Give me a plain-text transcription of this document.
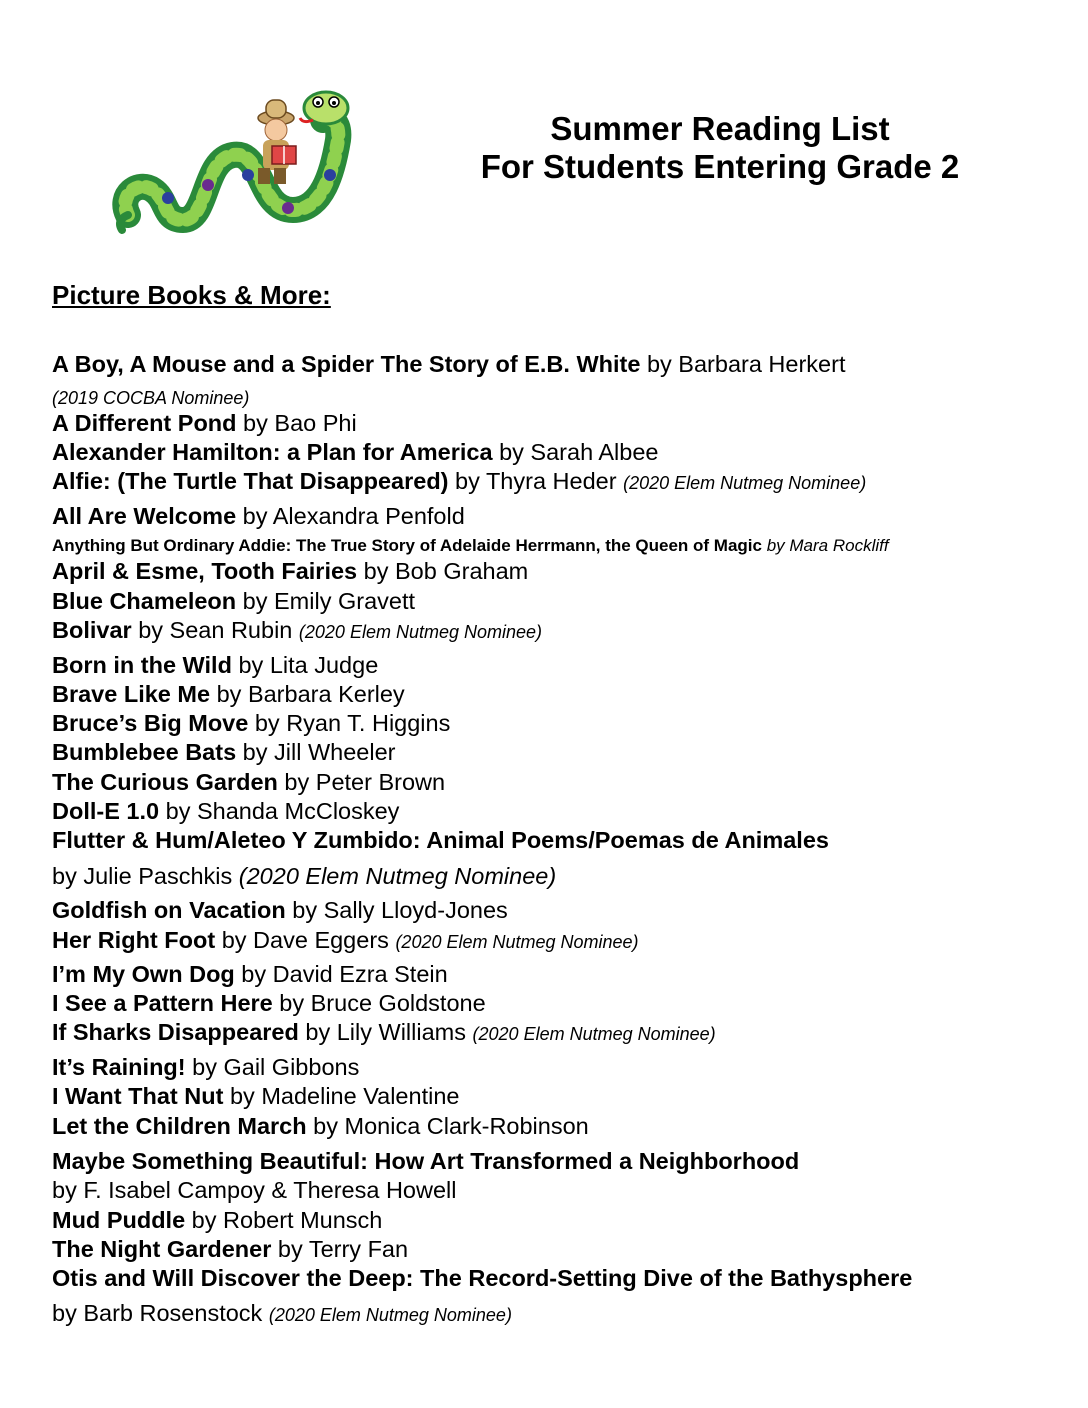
Summer Reading List
For Students Entering Grade 2
Picture Books & More:
A Boy, A Mouse and a Spider The Story of E.B. White by Barbara Herkert
(2019 COCBA Nominee)
A Different Pond by Bao Phi
Alexander Hamilton: a Plan for America by Sarah Albee
Alfie: (The Turtle That Disappeared) by Thyra Heder (2020 Elem Nutmeg Nominee)
All Are Welcome by Alexandra Penfold
Anything But Ordinary Addie: The True Story of Adelaide Herrmann, the Queen of Magic by Mara Rockliff
April & Esme, Tooth Fairies by Bob Graham
Blue Chameleon by Emily Gravett
Bolivar by Sean Rubin (2020 Elem Nutmeg Nominee)
Born in the Wild by Lita Judge
Brave Like Me by Barbara Kerley
Bruce’s Big Move by Ryan T. Higgins
Bumblebee Bats by Jill Wheeler
The Curious Garden by Peter Brown
Doll-E 1.0 by Shanda McCloskey
Flutter & Hum/Aleteo Y Zumbido: Animal Poems/Poemas de Animales
by Julie Paschkis (2020 Elem Nutmeg Nominee)
Goldfish on Vacation by Sally Lloyd-Jones
Her Right Foot by Dave Eggers (2020 Elem Nutmeg Nominee)
I’m My Own Dog by David Ezra Stein
I See a Pattern Here by Bruce Goldstone
If Sharks Disappeared by Lily Williams (2020 Elem Nutmeg Nominee)
It’s Raining! by Gail Gibbons
I Want That Nut by Madeline Valentine
Let the Children March by Monica Clark-Robinson
Maybe Something Beautiful: How Art Transformed a Neighborhood
by F. Isabel Campoy & Theresa Howell
Mud Puddle by Robert Munsch
The Night Gardener by Terry Fan
Otis and Will Discover the Deep: The Record-Setting Dive of the Bathysphere
by Barb Rosenstock (2020 Elem Nutmeg Nominee)
